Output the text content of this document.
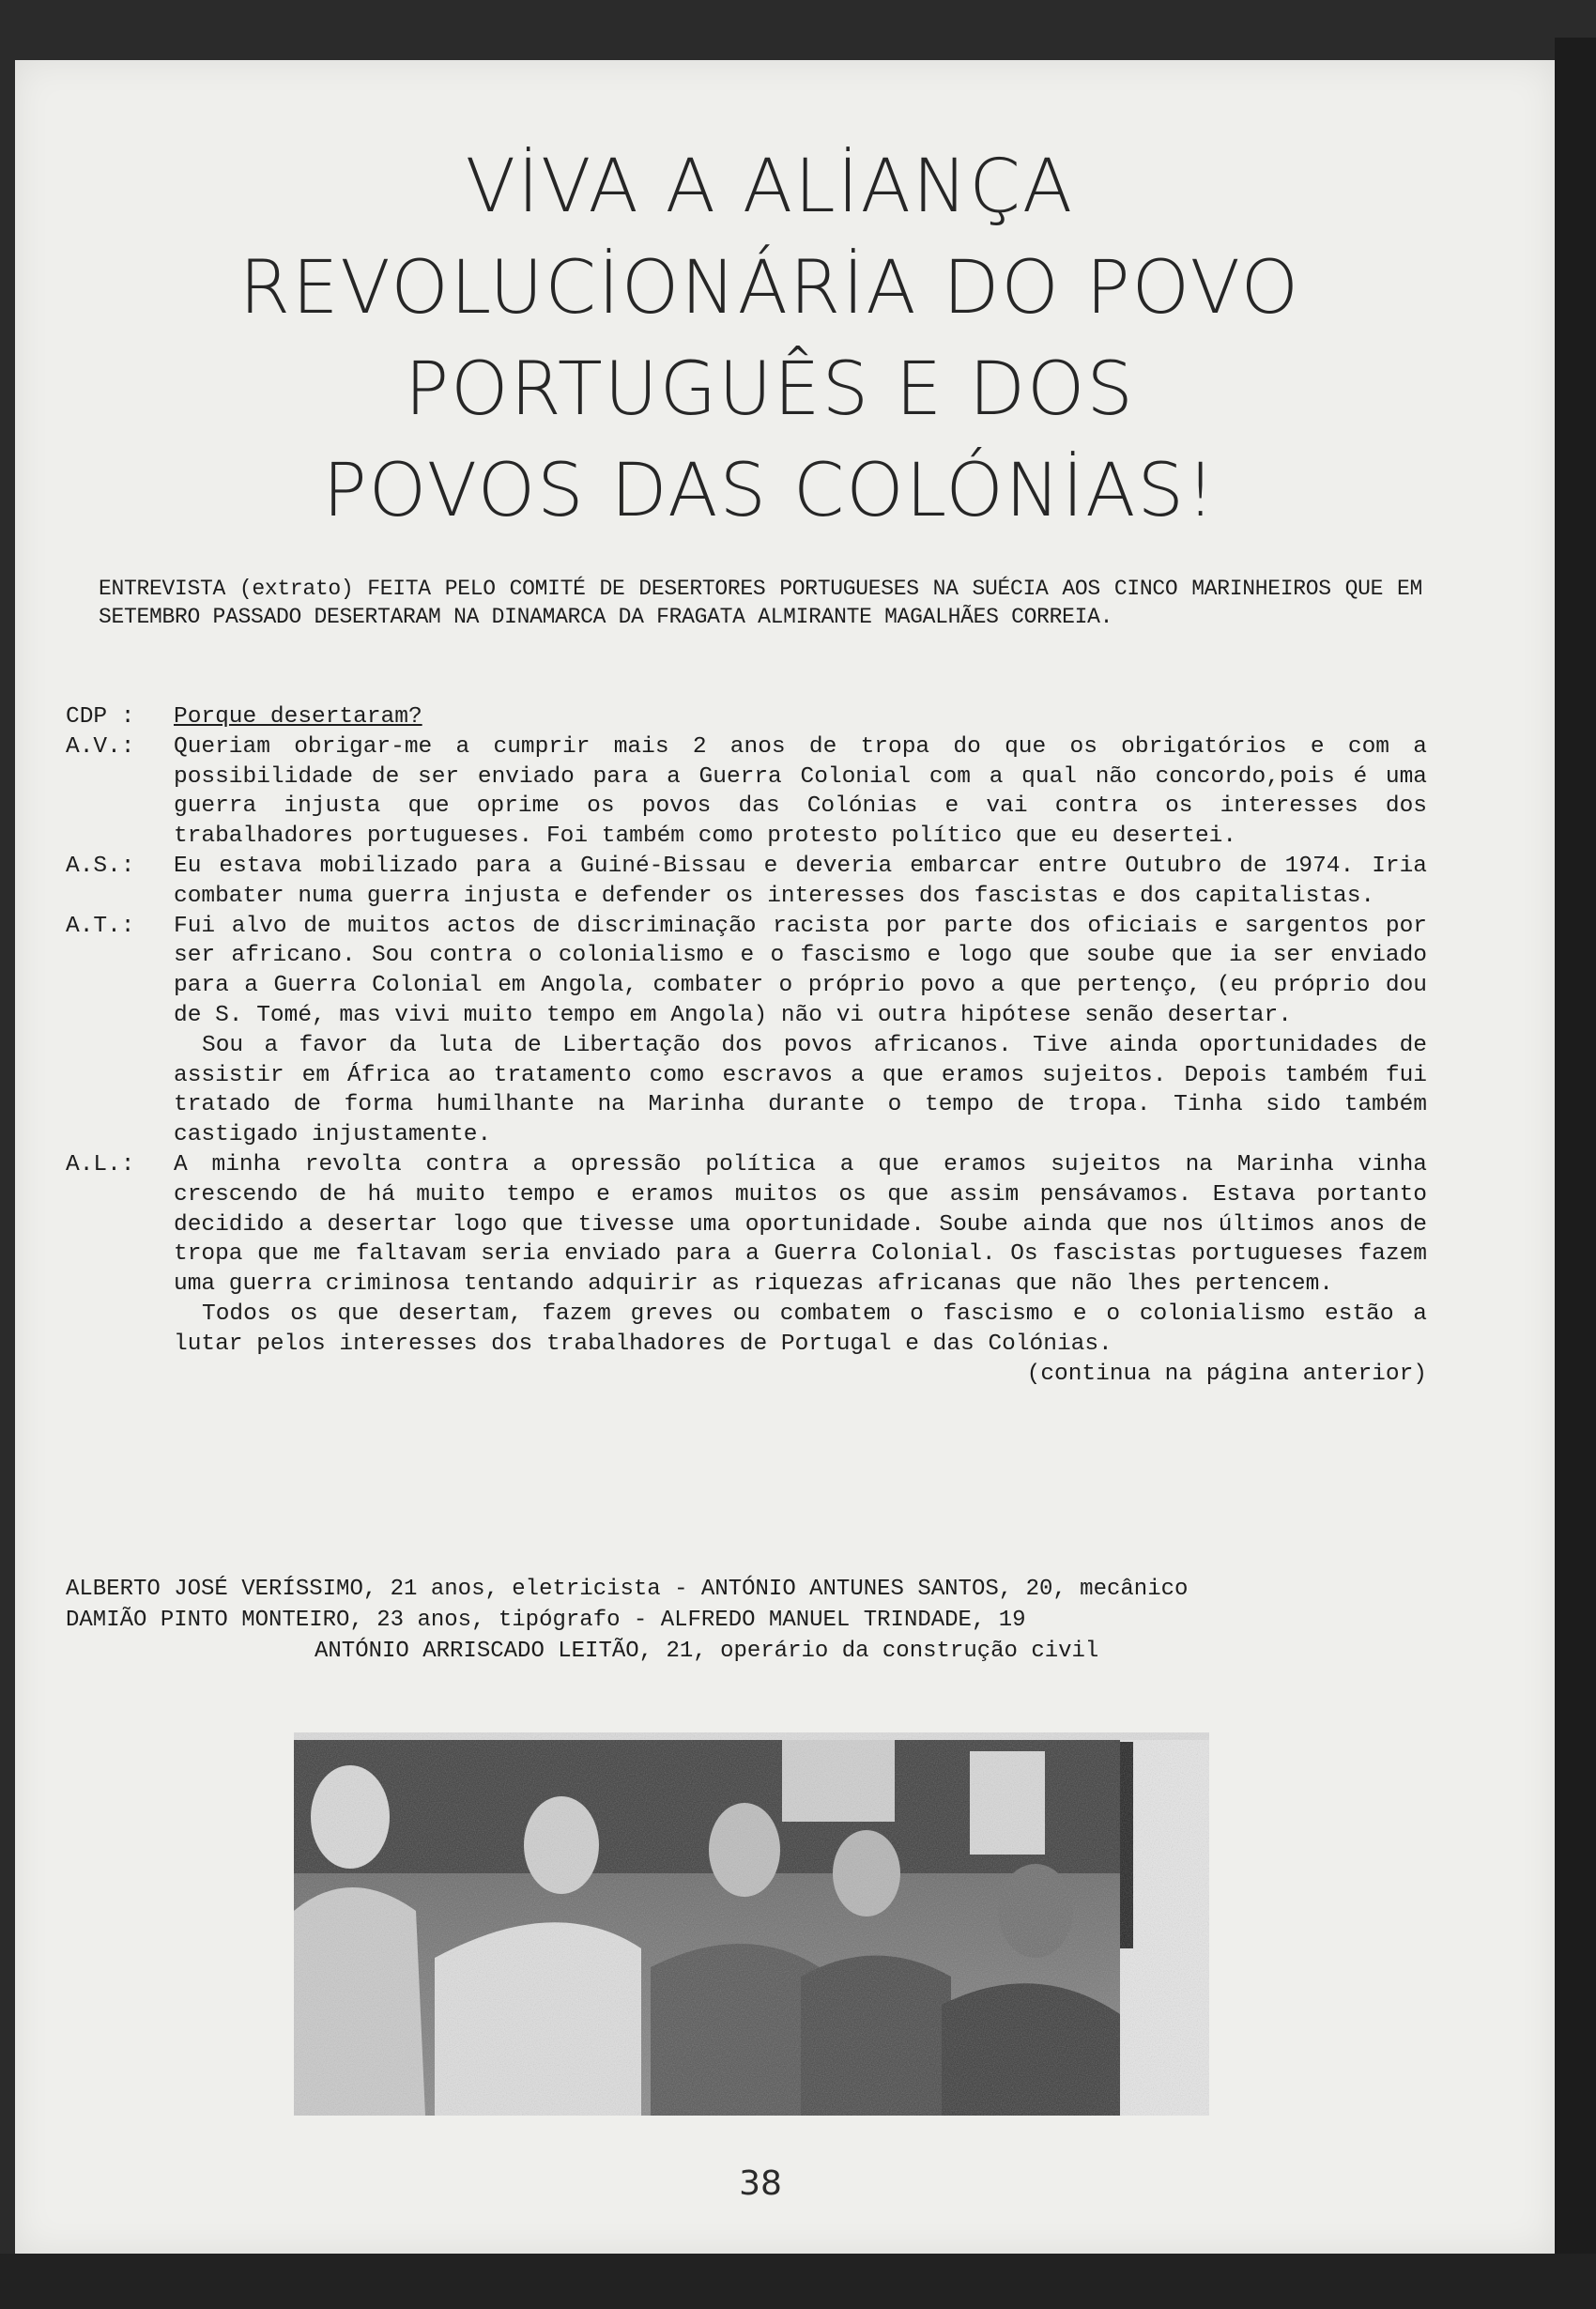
VİVA A ALİANÇA
REVOLUCİONÁRİA DO POVO
PORTUGUÊS E DOS
POVOS DAS COLÓNİAS!
ENTREVISTA (extrato) FEITA PELO COMITÉ DE DESERTORES PORTUGUESES NA SUÉCIA AOS CINCO MARINHEIROS QUE EM SETEMBRO PASSADO DESERTARAM NA DINAMARCA DA FRAGATA ALMIRANTE MAGALHÃES CORREIA.
CDP :	Porque desertaram?
A.V.:	Queriam obrigar-me a cumprir mais 2 anos de tropa do que os obrigatórios e com a possibilidade de ser enviado para a Guerra Colonial com a qual não concordo,pois é uma guerra injusta que oprime os povos das Colónias e vai contra os interesses dos trabalhadores portugueses. Foi também como protesto político que eu desertei.
A.S.:	Eu estava mobilizado para a Guiné-Bissau e deveria embarcar entre Outubro de 1974. Iria combater numa guerra injusta e defender os interesses dos fascistas e dos capitalistas.
A.T.:	Fui alvo de muitos actos de discriminação racista por parte dos oficiais e sargentos por ser africano. Sou contra o colonialismo e o fascismo e logo que soube que ia ser enviado para a Guerra Colonial em Angola, combater o próprio povo a que pertenço, (eu próprio dou de S. Tomé, mas vivi muito tempo em Angola) não vi outra hipótese senão desertar.
Sou a favor da luta de Libertação dos povos africanos. Tive ainda oportunidades de assistir em África ao tratamento como escravos a que eramos sujeitos. Depois também fui tratado de forma humilhante na Marinha durante o tempo de tropa. Tinha sido também castigado injustamente.
A.L.:	A minha revolta contra a opressão política a que eramos sujeitos na Marinha vinha crescendo de há muito tempo e eramos muitos os que assim pensávamos. Estava portanto decidido a desertar logo que tivesse uma oportunidade. Soube ainda que nos últimos anos de tropa que me faltavam seria enviado para a Guerra Colonial. Os fascistas portugueses fazem uma guerra criminosa tentando adquirir as riquezas africanas que não lhes pertencem.
Todos os que desertam, fazem greves ou combatem o fascismo e o colonialismo estão a lutar pelos interesses dos trabalhadores de Portugal e das Colónias.
(continua na página anterior)
ALBERTO JOSÉ VERÍSSIMO, 21 anos, eletricista - ANTÓNIO ANTUNES SANTOS, 20, mecânico
DAMIÃO PINTO MONTEIRO, 23 anos, tipógrafo - ALFREDO MANUEL TRINDADE, 19
ANTÓNIO ARRISCADO LEITÃO, 21, operário da construção civil
38
